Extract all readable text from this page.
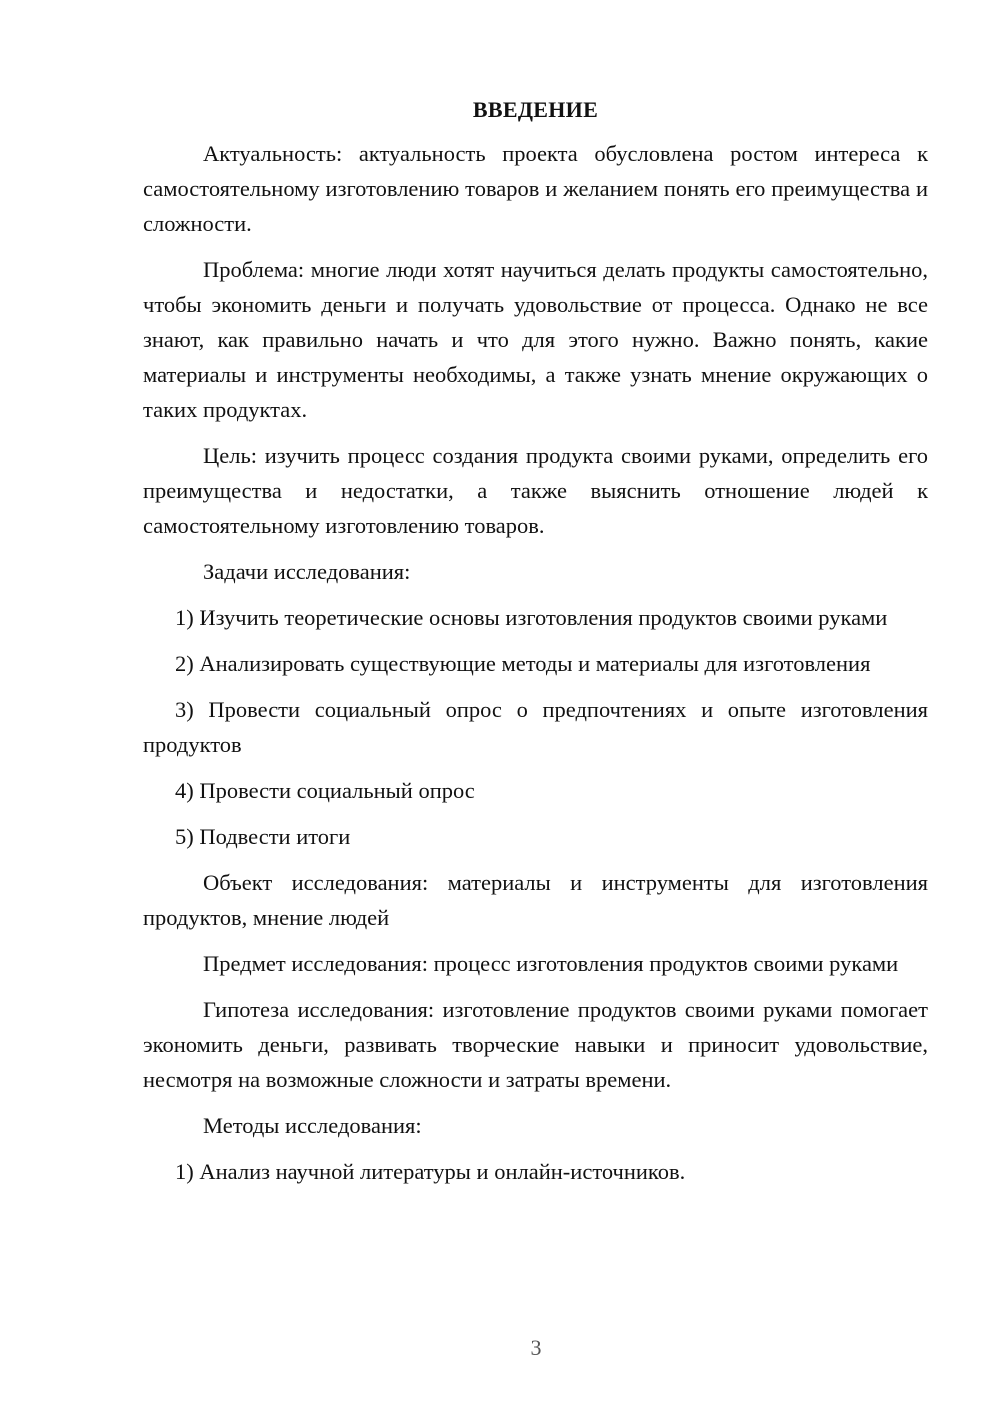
ВВЕДЕНИЕ

Актуальность: актуальность проекта обусловлена ростом интереса к самостоятельному изготовлению товаров и желанием понять его преимущества и сложности.

Проблема: многие люди хотят научиться делать продукты самостоятельно, чтобы экономить деньги и получать удовольствие от процесса. Однако не все знают, как правильно начать и что для этого нужно. Важно понять, какие материалы и инструменты необходимы, а также узнать мнение окружающих о таких продуктах.

Цель: изучить процесс создания продукта своими руками, определить его преимущества и недостатки, а также выяснить отношение людей к самостоятельному изготовлению товаров.

Задачи исследования:

1) Изучить теоретические основы изготовления продуктов своими руками

2) Анализировать существующие методы и материалы для изготовления

3) Провести социальный опрос о предпочтениях и опыте изготовления продуктов

4) Провести социальный опрос

5) Подвести итоги

Объект исследования: материалы и инструменты для изготовления продуктов, мнение людей

Предмет исследования: процесс изготовления продуктов своими руками

Гипотеза исследования: изготовление продуктов своими руками помогает экономить деньги, развивать творческие навыки и приносит удовольствие, несмотря на возможные сложности и затраты времени.

Методы исследования:

1) Анализ научной литературы и онлайн-источников.

3
